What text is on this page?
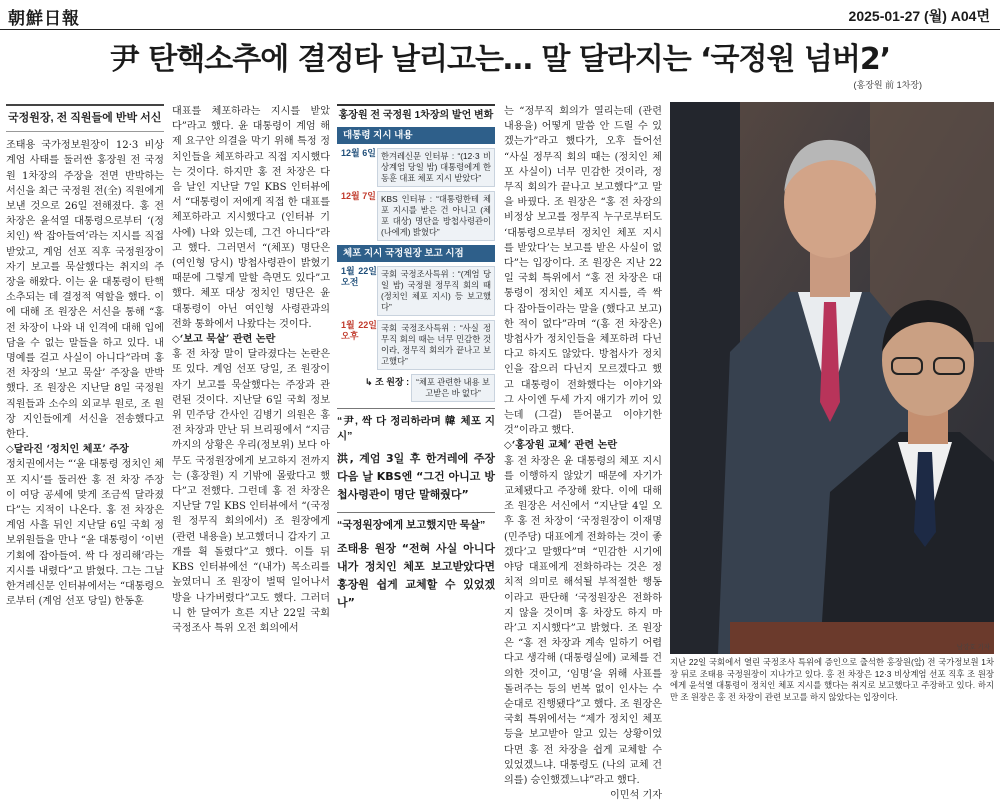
朝鮮日報	2025-01-27 (월) A04면
尹 탄핵소추에 결정타 날리고는… 말 달라지는 ‘국정원 넘버2’
(홍장원 前 1차장)
국정원장, 전 직원들에 반박 서신

조태용 국가정보원장이 12·3 비상계엄 사태를 둘러싼 홍장원 전 국정원 1차장의 주장을 전면 반박하는 서신을 최근 국정원 전(全) 직원에게 보낸 것으로 26일 전해졌다. 홍 전 차장은 윤석열 대통령으로부터 ‘(정치인) 싹 잡아들여’라는 지시를 직접 받았고, 계엄 선포 직후 국정원장이 자기 보고를 묵살했다는 취지의 주장을 해왔다. 이는 윤 대통령이 탄핵소추되는 데 결정적 역할을 했다. 이에 대해 조 원장은 서신을 통해 “홍 전 차장이 나와 내 인격에 대해 입에 담을 수 없는 말들을 하고 있다. 내 명예를 걸고 사실이 아니다”라며 홍 전 차장의 ‘보고 묵살’ 주장을 반박했다. 조 원장은 지난달 8일 국정원 직원들과 소수의 외교부 원로, 조 원장 지인들에게 서신을 전송했다고 한다.

◇달라진 ‘정치인 체포’ 주장

정치권에서는 “‘윤 대통령 정치인 체포 지시’를 둘러싼 홍 전 차장 주장이 여당 공세에 맞게 조금씩 달라졌다”는 지적이 나온다. 홍 전 차장은 계엄 사흘 뒤인 지난달 6일 국회 정보위원들을 만나 “윤 대통령이 ‘이번 기회에 잡아들여. 싹 다 정리해’라는 지시를 내렸다”고 밝혔다. 그는 그날 한겨레신문 인터뷰에서는 “대통령으로부터 (계엄 선포 당일) 한동훈

대표를 체포하라는 지시를 받았다”라고 했다. 윤 대통령이 계엄 해제 요구안 의결을 막기 위해 특정 정치인들을 체포하라고 직접 지시했다는 것이다. 하지만 홍 전 차장은 다음 날인 지난달 7일 KBS 인터뷰에서 “대통령이 저에게 직접 한 대표를 체포하라고 지시했다고 (인터뷰 기사에) 나와 있는데, 그건 아니다”라고 했다. 그러면서 “(체포) 명단은 (여인형 당시) 방첩사령관이 밝혔기 때문에 그렇게 말할 측면도 있다”고 했다. 체포 대상 정치인 명단은 윤 대통령이 아닌 여인형 사령관과의 전화 통화에서 나왔다는 것이다.

◇‘보고 묵살’ 관련 논란

홍 전 차장 말이 달라졌다는 논란은 또 있다. 계엄 선포 당일, 조 원장이 자기 보고를 묵살했다는 주장과 관련된 것이다. 지난달 6일 국회 정보위 민주당 간사인 김병기 의원은 홍 전 차장과 만난 뒤 브리핑에서 “지금까지의 상황은 우리(정보위) 보다 아무도 국정원장에게 보고하지 전까지는 (홍장원) 지 기밖에 몰랐다고 했다”고 전했다. 그런데 홍 전 차장은 지난달 7일 KBS 인터뷰에서 “(국정원 정무직 회의에서) 조 원장에게 (관련 내용을) 보고했더니 갑자기 고개를 휙 돌렸다”고 했다. 이틀 뒤 KBS 인터뷰에선 “(내가) 목소리를 높였더니 조 원장이 벌떡 일어나서 방을 나가버렸다”고도 했다. 그러더니 한 달여가 흐른 지난 22일 국회 국정조사 특위 오전 회의에서

홍장원 전 국정원 1차장의 발언 변화
대통령 지시 내용
12월 6일 한겨레신문 인터뷰 : “(12·3 비상계엄 당일 밤) 대통령에게 한동훈 대표 체포 지시 받았다”
12월 7일 KBS 인터뷰 : “대통령한테 체포 지시를 받은 건 아니고 (체포 대상) 명단을 방첩사령관이 (나에게) 밝혔다”
체포 지시 국정원장 보고 시점
1월 22일 오전
국회 국정조사특위 : “(계엄 당일 밤) 국정원 정무직 회의 때 (정치인 체포 지시) 등 보고했다”
1월 22일 오후
국회 국정조사특위 : “사실 정무직 회의 때는 너무 민감한 것이라, 정무직 회의가 끝나고 보고했다”
↳ 조 원장 : “체포 관련한 내용 보고받은 바 없다”
“尹, 싹 다 정리하라며 韓 체포 지시”
洪, 계엄 3일 후 한겨레에 주장 다음 날 KBS엔 “그건 아니고 방첩사령관이 명단 말해줬다”
“국정원장에게 보고했지만 묵살”
조태용 원장 “전혀 사실 아니다 내가 정치인 체포 보고받았다면 홍장원 쉽게 교체할 수 있었겠나”

는 “정무직 회의가 열리는데 (관련 내용을) 어떻게 말씀 안 드릴 수 있겠는가”라고 했다가, 오후 들어선 “사실 정무직 회의 때는 (정치인 체포 사실이) 너무 민감한 것이라, 정무직 회의가 끝나고 보고했다”고 말을 바꿨다. 조 원장은 “홍 전 차장의 비정상 보고를 정무직 누구로부터도 ‘대통령으로부터 정치인 체포 지시를 받았다’는 보고를 받은 사실이 없다”는 입장이다. 조 원장은 지난 22일 국회 특위에서 “홍 전 차장은 대통령이 정치인 체포 지시를, 즉 싹 다 잡아들이라는 말을 (했다고 보고) 한 적이 없다”라며 “(홍 전 차장은) 방첩사가 정치인들을 체포하려 다닌다고 하지도 않았다. 방첩사가 정치인을 잡으러 다닌지 모르겠다고 했고 대통령이 전화했다는 이야기와 그 사이엔 두세 가지 얘기가 끼어 있는데 (그걸) 뜯어붙고 이야기한 것”이라고 했다.

◇‘홍장원 교체’ 관련 논란

홍 전 차장은 윤 대통령의 체포 지시를 이행하지 않았기 때문에 자기가 교체됐다고 주장해 왔다. 이에 대해 조 원장은 서신에서 “지난달 4일 오후 홍 전 차장이 ‘국정원장이 이재명 (민주당) 대표에게 전화하는 것이 좋겠다’고 말했다”며 “민감한 시기에 야당 대표에게 전화하라는 것은 정치적 의미로 해석될 부적절한 행동이라고 판단해 ‘국정원장은 전화하지 않을 것이며 홍 차장도 하지 마라’고 지시했다”고 밝혔다. 조 원장은 “홍 전 차장과 계속 일하기 어렵다고 생각해 (대통령실에) 교체를 건의한 것이고, ‘임명’을 위해 사표를 돌려주는 등의 번복 없이 인사는 수순대로 진행됐다”고 했다. 조 원장은 국회 특위에서는 “제가 정치인 체포 등을 보고받아 알고 있는 상황이었다면 홍 전 차장을 쉽게 교체할 수 있었겠느냐. 대통령도 (나의 교체 건의를) 승인했겠느냐”라고 했다.

이민석 기자

남강호 기자
지난 22일 국회에서 열린 국정조사 특위에 증인으로 출석한 홍장원(앞) 전 국가정보원 1차장 뒤로 조태용 국정원장이 지나가고 있다. 홍 전 차장은 12·3 비상계엄 선포 직후 조 원장에게 윤석열 대통령이 정치인 체포 지시를 했다는 취지로 보고했다고 주장하고 있다. 하지만 조 원장은 홍 전 차장이 관련 보고를 하지 않았다는 입장이다.
